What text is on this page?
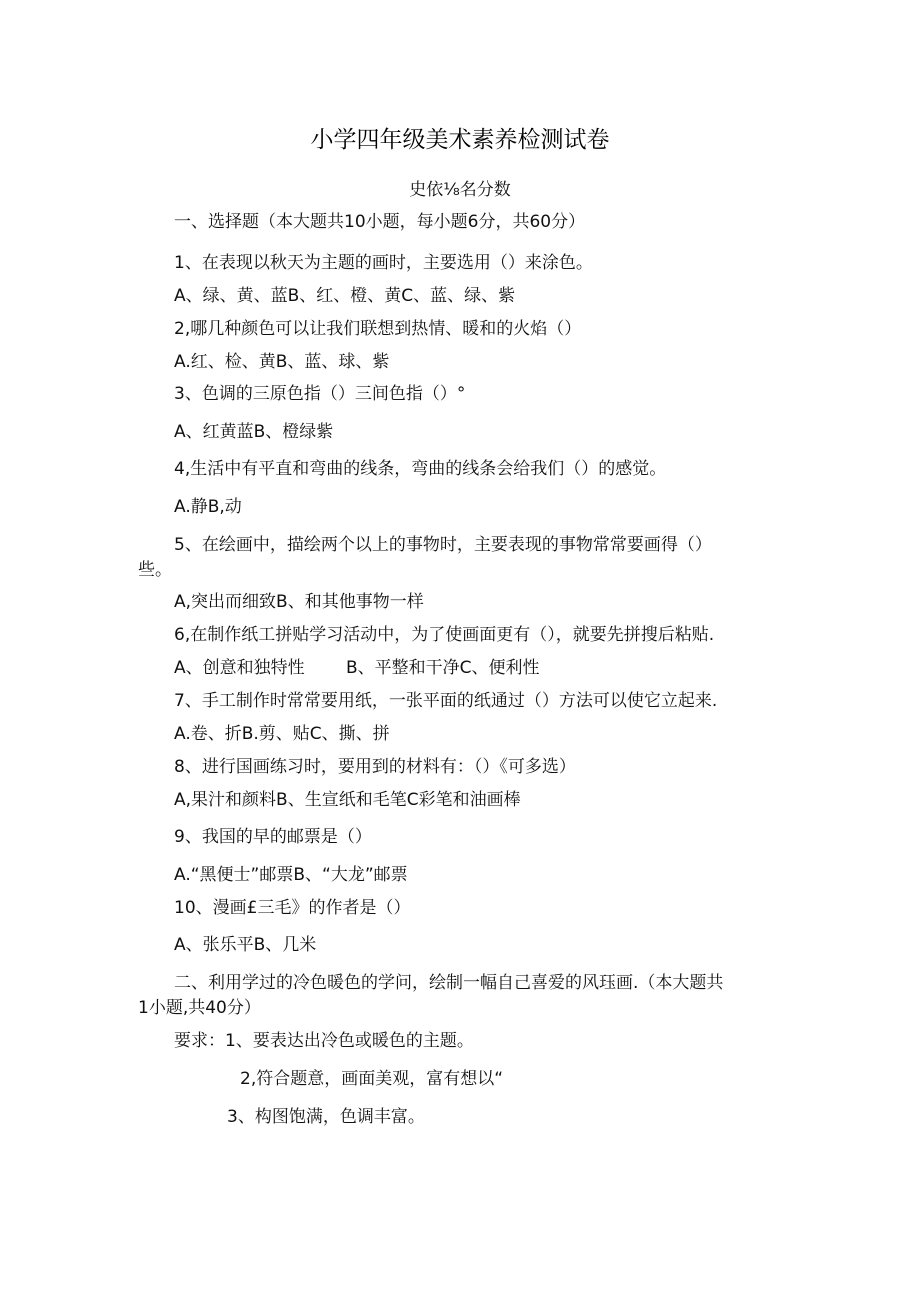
小学四年级美术素养检测试卷
史依⅛名分数
一、选择题（本大题共10小题，每小题6分，共60分）
1、在表现以秋天为主题的画时，主要选用（）来涂色。
A、绿、黄、蓝B、红、橙、黄C、蓝、绿、紫
2,哪几种颜色可以让我们联想到热情、暖和的火焰（）
A.红、检、黄B、蓝、球、紫
3、色调的三原色指（）三间色指（）°
A、红黄蓝B、橙绿紫
4,生活中有平直和弯曲的线条，弯曲的线条会给我们（）的感觉。
A.静B,动
5、在绘画中，描绘两个以上的事物时，主要表现的事物常常要画得（）
些。
A,突出而细致B、和其他事物一样
6,在制作纸工拼贴学习活动中，为了使画面更有（），就要先拼搜后粘贴.
A、创意和独特性 B、平整和干净C、便利性
7、手工制作时常常要用纸，一张平面的纸通过（）方法可以使它立起来.
A.卷、折B.剪、贴C、撕、拼
8、进行国画练习时，要用到的材料有：（）《可多选）
A,果汁和颜料B、生宣纸和毛笔C彩笔和油画棒
9、我国的早的邮票是（）
A.“黑便士”邮票B、“大龙”邮票
10、漫画£三毛》的作者是（）
A、张乐平B、几米
二、利用学过的冷色暖色的学问，绘制一幅自己喜爱的风珏画.（本大题共
1小题,共40分）
要求：1、要表达出冷色或暖色的主题。
2,符合题意，画面美观，富有想以“
3、构图饱满，色调丰富。
